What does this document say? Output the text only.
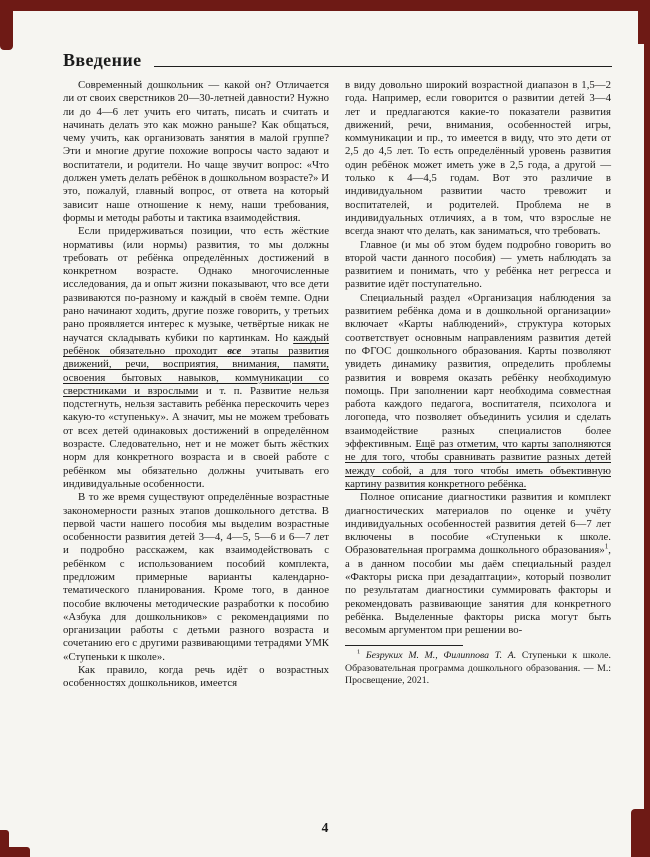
Введение

Современный дошкольник — какой он? Отличается ли от своих сверстников 20—30-летней давности? Нужно ли до 4—6 лет учить его читать, писать и считать и начинать делать это как можно раньше? Как общаться, чему учить, как организовать занятия в малой группе? Эти и многие другие похожие вопросы часто задают и воспитатели, и родители. Но чаще звучит вопрос: «Что должен уметь делать ребёнок в дошкольном возрасте?» И это, пожалуй, главный вопрос, от ответа на который зависит наше отношение к нему, наши требования, формы и методы работы и тактика взаимодействия.

Если придерживаться позиции, что есть жёсткие нормативы (или нормы) развития, то мы должны требовать от ребёнка определённых достижений в конкретном возрасте. Однако многочисленные исследования, да и опыт жизни показывают, что все дети развиваются по-разному и каждый в своём темпе. Одни рано начинают ходить, другие позже говорить, у третьих рано проявляется интерес к музыке, четвёртые никак не научатся складывать кубики по картинкам. Но каждый ребёнок обязательно проходит все этапы развития движений, речи, восприятия, внимания, памяти, освоения бытовых навыков, коммуникации со сверстниками и взрослыми и т. п. Развитие нельзя подстегнуть, нельзя заставить ребёнка перескочить через какую-то «ступеньку». А значит, мы не можем требовать от всех детей одинаковых достижений в определённом возрасте. Следовательно, нет и не может быть жёстких норм для конкретного возраста и в своей работе с ребёнком мы обязательно должны учитывать его индивидуальные особенности.

В то же время существуют определённые возрастные закономерности разных этапов дошкольного детства. В первой части нашего пособия мы выделим возрастные особенности развития детей 3—4, 4—5, 5—6 и 6—7 лет и подробно расскажем, как взаимодействовать с ребёнком с использованием пособий комплекта, предложим примерные варианты календарно-тематического планирования. Кроме того, в данное пособие включены методические разработки к пособию «Азбука для дошкольников» с рекомендациями по организации работы с детьми разного возраста и сочетанию его с другими развивающими тетрадями УМК «Ступеньки к школе».

Как правило, когда речь идёт о возрастных особенностях дошкольников, имеется

в виду довольно широкий возрастной диапазон в 1,5—2 года. Например, если говорится о развитии детей 3—4 лет и предлагаются какие-то показатели развития движений, речи, внимания, особенностей игры, коммуникации и пр., то имеется в виду, что это дети от 2,5 до 4,5 лет. То есть определённый уровень развития один ребёнок может иметь уже в 2,5 года, а другой — только к 4—4,5 годам. Вот это различие в индивидуальном развитии часто тревожит и воспитателей, и родителей. Проблема не в индивидуальных отличиях, а в том, что взрослые не всегда знают что делать, как заниматься, что требовать.

Главное (и мы об этом будем подробно говорить во второй части данного пособия) — уметь наблюдать за развитием и понимать, что у ребёнка нет регресса и развитие идёт поступательно.

Специальный раздел «Организация наблюдения за развитием ребёнка дома и в дошкольной организации» включает «Карты наблюдений», структура которых соответствует основным направлениям развития детей по ФГОС дошкольного образования. Карты позволяют увидеть динамику развития, определить проблемы развития и вовремя оказать ребёнку необходимую помощь. При заполнении карт необходима совместная работа каждого педагога, воспитателя, психолога и логопеда, что позволяет объединить усилия и сделать взаимодействие разных специалистов более эффективным. Ещё раз отметим, что карты заполняются не для того, чтобы сравнивать развитие разных детей между собой, а для того чтобы иметь объективную картину развития конкретного ребёнка.

Полное описание диагностики развития и комплект диагностических материалов по оценке и учёту индивидуальных особенностей развития детей 6—7 лет включены в пособие «Ступеньки к школе. Образовательная программа дошкольного образования»$^1$, а в данном пособии мы даём специальный раздел «Факторы риска при дезадаптации», который позволит по результатам диагностики суммировать факторы и рекомендовать развивающие занятия для конкретного ребёнка. Выделенные факторы риска могут быть весомым аргументом при решении во-

$^1$ Безруких М. М., Филиппова Т. А. Ступеньки к школе. Образовательная программа дошкольного образования. — М.: Просвещение, 2021.

4
